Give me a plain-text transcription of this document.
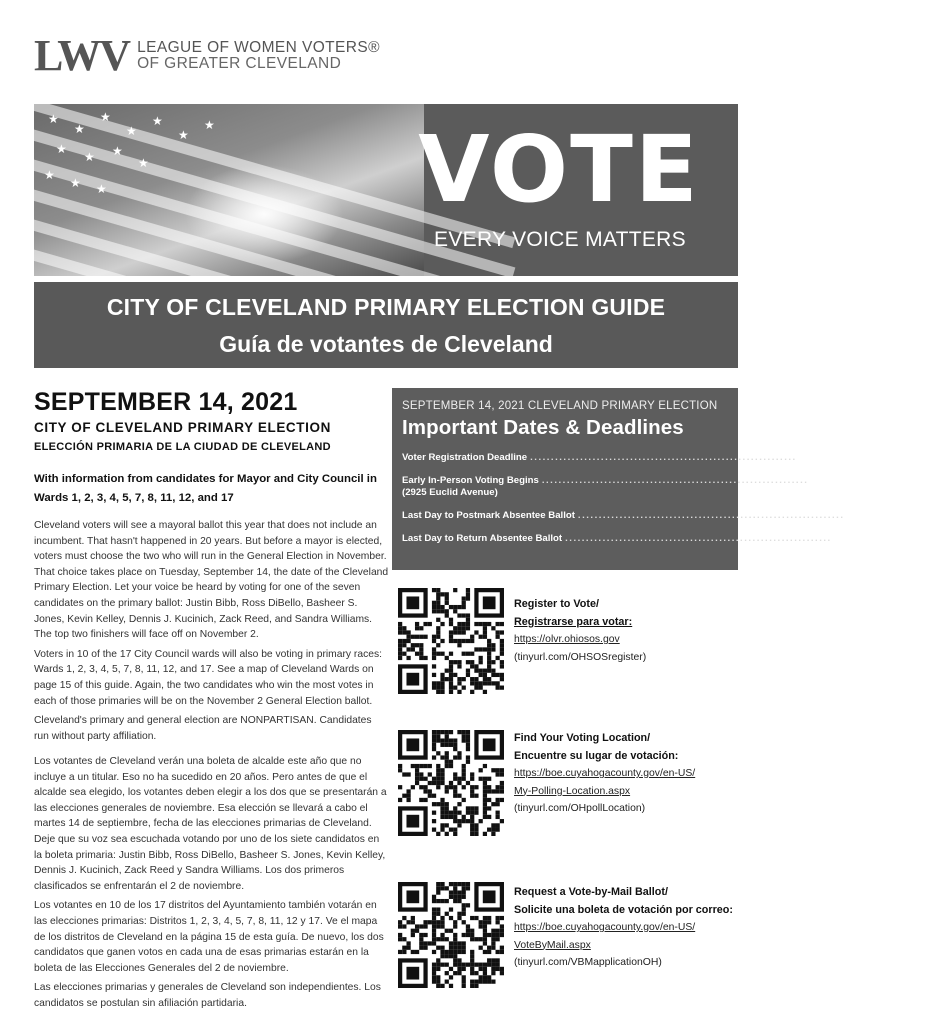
LWV LEAGUE OF WOMEN VOTERS®
OF GREATER CLEVELAND
★
★
★
★
★
★
★
★
★ ★
★
★
★ ★	VOTE
EVERY VOICE MATTERS
CITY OF CLEVELAND PRIMARY ELECTION GUIDE
Guía de votantes de Cleveland
SEPTEMBER 14, 2021
CITY OF CLEVELAND PRIMARY ELECTION
ELECCIÓN PRIMARIA DE LA CIUDAD DE CLEVELAND
With information from candidates for Mayor and City Council in Wards 1, 2, 3, 4, 5, 7, 8, 11, 12, and 17

Cleveland voters will see a mayoral ballot this year that does not include an incumbent. That hasn't happened in 20 years. But before a mayor is elected, voters must choose the two who will run in the General Election in November. That choice takes place on Tuesday, September 14, the date of the Cleveland Primary Election. Let your voice be heard by voting for one of the seven candidates on the primary ballot: Justin Bibb, Ross DiBello, Basheer S. Jones, Kevin Kelley, Dennis J. Kucinich, Zack Reed, and Sandra Williams. The top two finishers will face off on November 2.

Voters in 10 of the 17 City Council wards will also be voting in primary races: Wards 1, 2, 3, 4, 5, 7, 8, 11, 12, and 17. See a map of Cleveland Wards on page 15 of this guide. Again, the two candidates who win the most votes in each of those primaries will be on the November 2 General Election ballot.

Cleveland's primary and general election are NONPARTISAN. Candidates run without party affiliation.

Los votantes de Cleveland verán una boleta de alcalde este año que no incluye a un titular. Eso no ha sucedido en 20 años. Pero antes de que el alcalde sea elegido, los votantes deben elegir a los dos que se presentarán a las elecciones generales de noviembre. Esa elección se llevará a cabo el martes 14 de septiembre, fecha de las elecciones primarias de Cleveland. Deje que su voz sea escuchada votando por uno de los siete candidatos en la boleta primaria: Justin Bibb, Ross DiBello, Basheer S. Jones, Kevin Kelley, Dennis J. Kucinich, Zack Reed y Sandra Williams. Los dos primeros clasificados se enfrentarán el 2 de noviembre.

Los votantes en 10 de los 17 distritos del Ayuntamiento también votarán en las elecciones primarias: Distritos 1, 2, 3, 4, 5, 7, 8, 11, 12 y 17. Ve el mapa de los distritos de Cleveland en la página 15 de esta guía. De nuevo, los dos candidatos que ganen votos en cada una de esas primarias estarán en la boleta de las Elecciones Generales del 2 de noviembre.

Las elecciones primarias y generales de Cleveland son independientes. Los candidatos se postulan sin afiliación partidaria.

SEPTEMBER 14, 2021 CLEVELAND PRIMARY ELECTION
Important Dates & Deadlines
Voter Registration Deadline ................................................................ August 16
Early In-Person Voting Begins ................................................................ August 17
(2925 Euclid Avenue)
Last Day to Postmark Absentee Ballot ................................................................ September 13
Last Day to Return Absentee Ballot ................................................................ September 14 by 7:30 pm
Register to Vote/
Registrarse para votar:
https://olvr.ohiosos.gov
(tinyurl.com/OHSOSregister)
Find Your Voting Location/
Encuentre su lugar de votación:
https://boe.cuyahogacounty.gov/en-US/
My-Polling-Location.aspx
(tinyurl.com/OHpollLocation)
Request a Vote-by-Mail Ballot/
Solicite una boleta de votación por correo:
https://boe.cuyahogacounty.gov/en-US/
VoteByMail.aspx
(tinyurl.com/VBMapplicationOH)
